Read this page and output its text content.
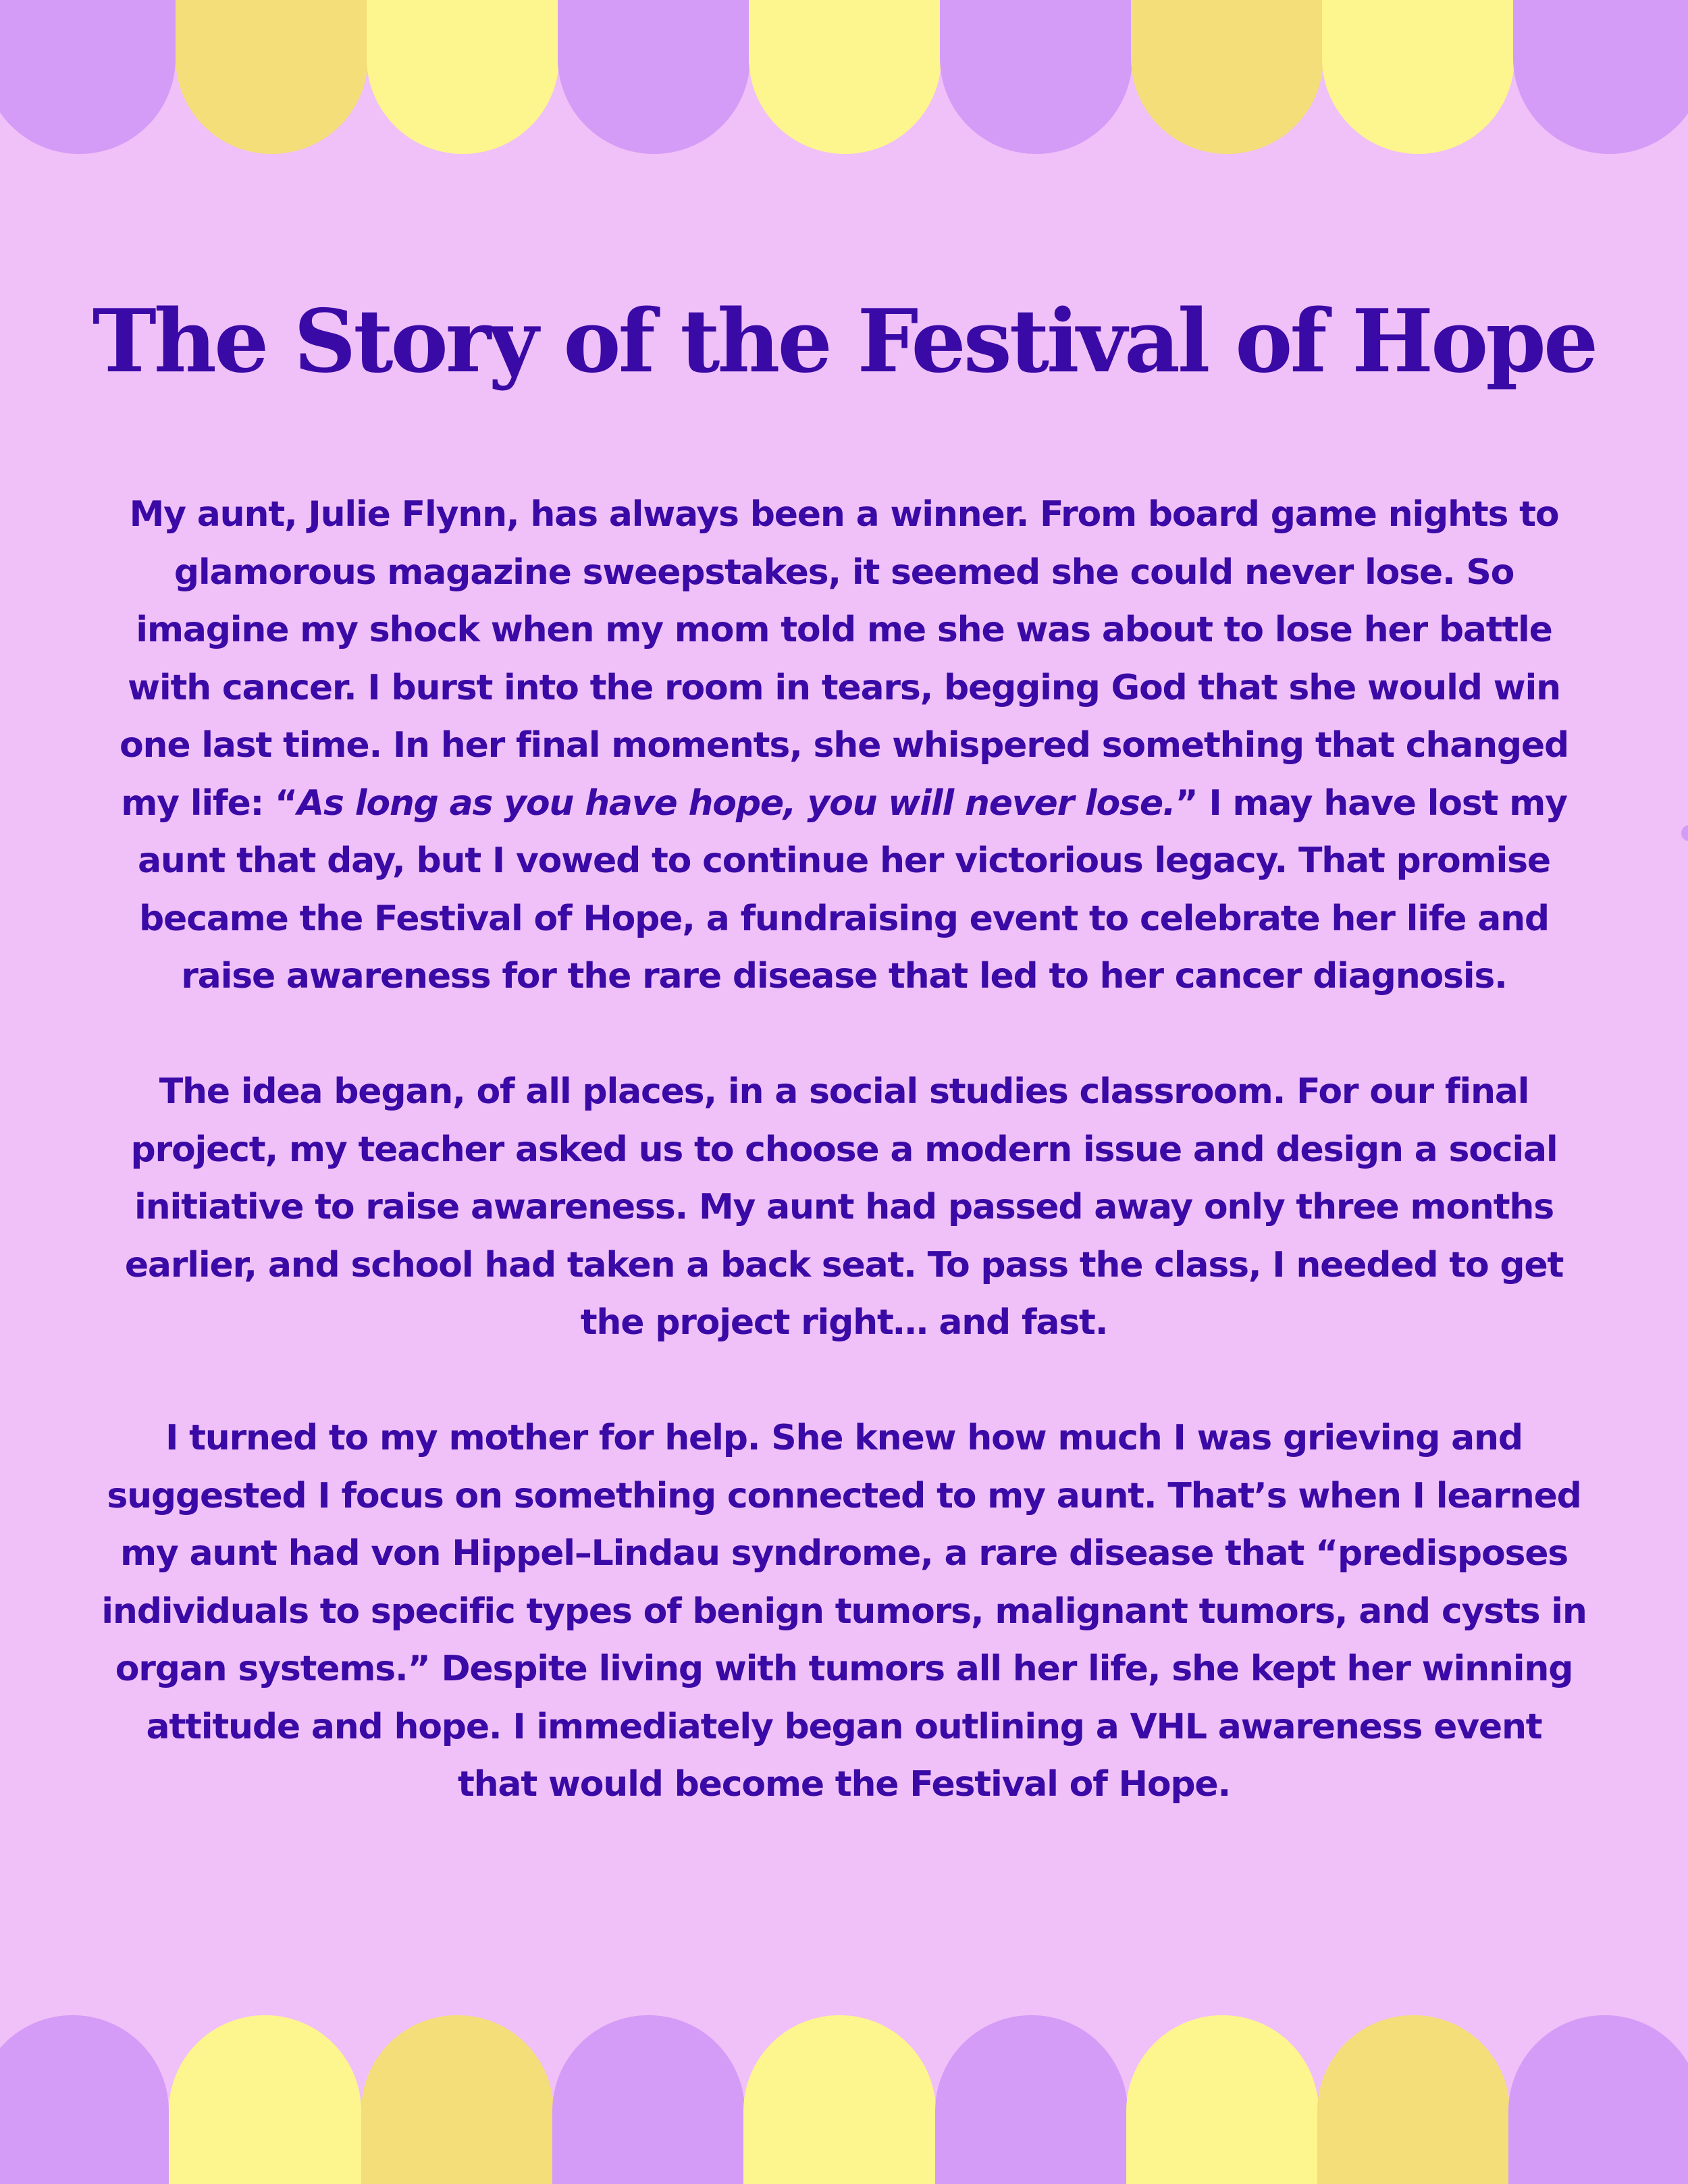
The Story of the Festival of Hope

My aunt, Julie Flynn, has always been a winner. From board game nights to glamorous magazine sweepstakes, it seemed she could never lose. So imagine my shock when my mom told me she was about to lose her battle with cancer. I burst into the room in tears, begging God that she would win one last time. In her final moments, she whispered something that changed my life: “As long as you have hope, you will never lose.” I may have lost my aunt that day, but I vowed to continue her victorious legacy. That promise became the Festival of Hope, a fundraising event to celebrate her life and raise awareness for the rare disease that led to her cancer diagnosis.

The idea began, of all places, in a social studies classroom. For our final project, my teacher asked us to choose a modern issue and design a social initiative to raise awareness. My aunt had passed away only three months earlier, and school had taken a back seat. To pass the class, I needed to get the project right… and fast.

I turned to my mother for help. She knew how much I was grieving and suggested I focus on something connected to my aunt. That’s when I learned my aunt had von Hippel–Lindau syndrome, a rare disease that “predisposes individuals to specific types of benign tumors, malignant tumors, and cysts in organ systems.” Despite living with tumors all her life, she kept her winning attitude and hope. I immediately began outlining a VHL awareness event that would become the Festival of Hope.
